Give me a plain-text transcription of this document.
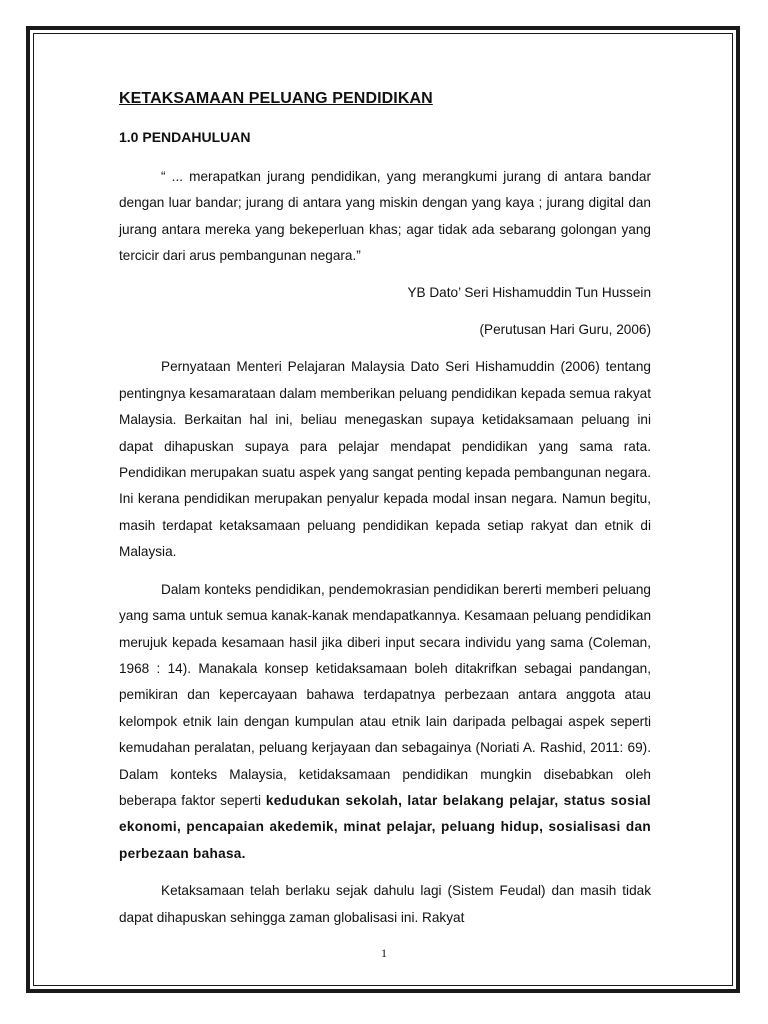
KETAKSAMAAN PELUANG PENDIDIKAN
1.0 PENDAHULUAN

“ ... merapatkan jurang pendidikan, yang merangkumi jurang di antara bandar dengan luar bandar; jurang di antara yang miskin dengan yang kaya ; jurang digital dan jurang antara mereka yang bekeperluan khas; agar tidak ada sebarang golongan yang tercicir dari arus pembangunan negara.”

YB Dato’ Seri Hishamuddin Tun Hussein

(Perutusan Hari Guru, 2006)

Pernyataan Menteri Pelajaran Malaysia Dato Seri Hishamuddin (2006) tentang pentingnya kesamarataan dalam memberikan peluang pendidikan kepada semua rakyat Malaysia. Berkaitan hal ini, beliau menegaskan supaya ketidaksamaan peluang ini dapat dihapuskan supaya para pelajar mendapat pendidikan yang sama rata. Pendidikan merupakan suatu aspek yang sangat penting kepada pembangunan negara. Ini kerana pendidikan merupakan penyalur kepada modal insan negara. Namun begitu, masih terdapat ketaksamaan peluang pendidikan kepada setiap rakyat dan etnik di Malaysia.

Dalam konteks pendidikan, pendemokrasian pendidikan bererti memberi peluang yang sama untuk semua kanak-kanak mendapatkannya. Kesamaan peluang pendidikan merujuk kepada kesamaan hasil jika diberi input secara individu yang sama (Coleman, 1968 : 14). Manakala konsep ketidaksamaan boleh ditakrifkan sebagai pandangan, pemikiran dan kepercayaan bahawa terdapatnya perbezaan antara anggota atau kelompok etnik lain dengan kumpulan atau etnik lain daripada pelbagai aspek seperti kemudahan peralatan, peluang kerjayaan dan sebagainya (Noriati A. Rashid, 2011: 69). Dalam konteks Malaysia, ketidaksamaan pendidikan mungkin disebabkan oleh beberapa faktor seperti kedudukan sekolah, latar belakang pelajar, status sosial ekonomi, pencapaian akedemik, minat pelajar, peluang hidup, sosialisasi dan perbezaan bahasa.

Ketaksamaan telah berlaku sejak dahulu lagi (Sistem Feudal) dan masih tidak dapat dihapuskan sehingga zaman globalisasi ini. Rakyat

1
